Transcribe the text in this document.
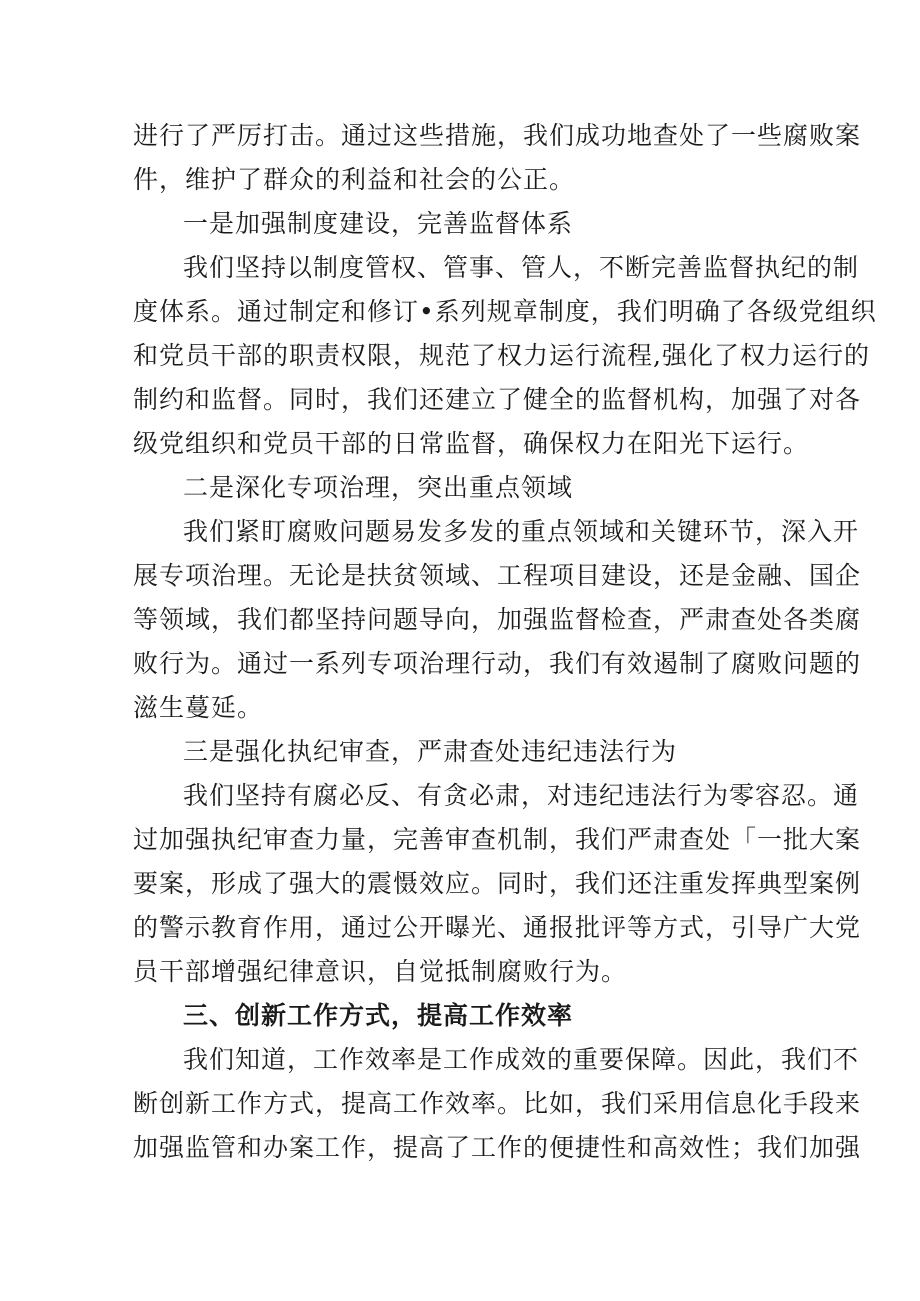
进行了严厉打击。通过这些措施，我们成功地查处了一些腐败案
件，维护了群众的利益和社会的公正。
一是加强制度建设，完善监督体系
我们坚持以制度管权、管事、管人，不断完善监督执纪的制
度体系。通过制定和修订•系列规章制度，我们明确了各级党组织
和党员干部的职责权限，规范了权力运行流程,强化了权力运行的
制约和监督。同时，我们还建立了健全的监督机构，加强了对各
级党组织和党员干部的日常监督，确保权力在阳光下运行。
二是深化专项治理，突出重点领域
我们紧盯腐败问题易发多发的重点领域和关键环节，深入开
展专项治理。无论是扶贫领域、工程项目建设，还是金融、国企
等领域，我们都坚持问题导向，加强监督检查，严肃查处各类腐
败行为。通过一系列专项治理行动，我们有效遏制了腐败问题的
滋生蔓延。
三是强化执纪审查，严肃查处违纪违法行为
我们坚持有腐必反、有贪必肃，对违纪违法行为零容忍。通
过加强执纪审查力量，完善审查机制，我们严肃查处「一批大案
要案，形成了强大的震慑效应。同时，我们还注重发挥典型案例
的警示教育作用，通过公开曝光、通报批评等方式，引导广大党
员干部增强纪律意识，自觉抵制腐败行为。
三、创新工作方式，提高工作效率
我们知道，工作效率是工作成效的重要保障。因此，我们不
断创新工作方式，提高工作效率。比如，我们采用信息化手段来
加强监管和办案工作，提高了工作的便捷性和高效性；我们加强
